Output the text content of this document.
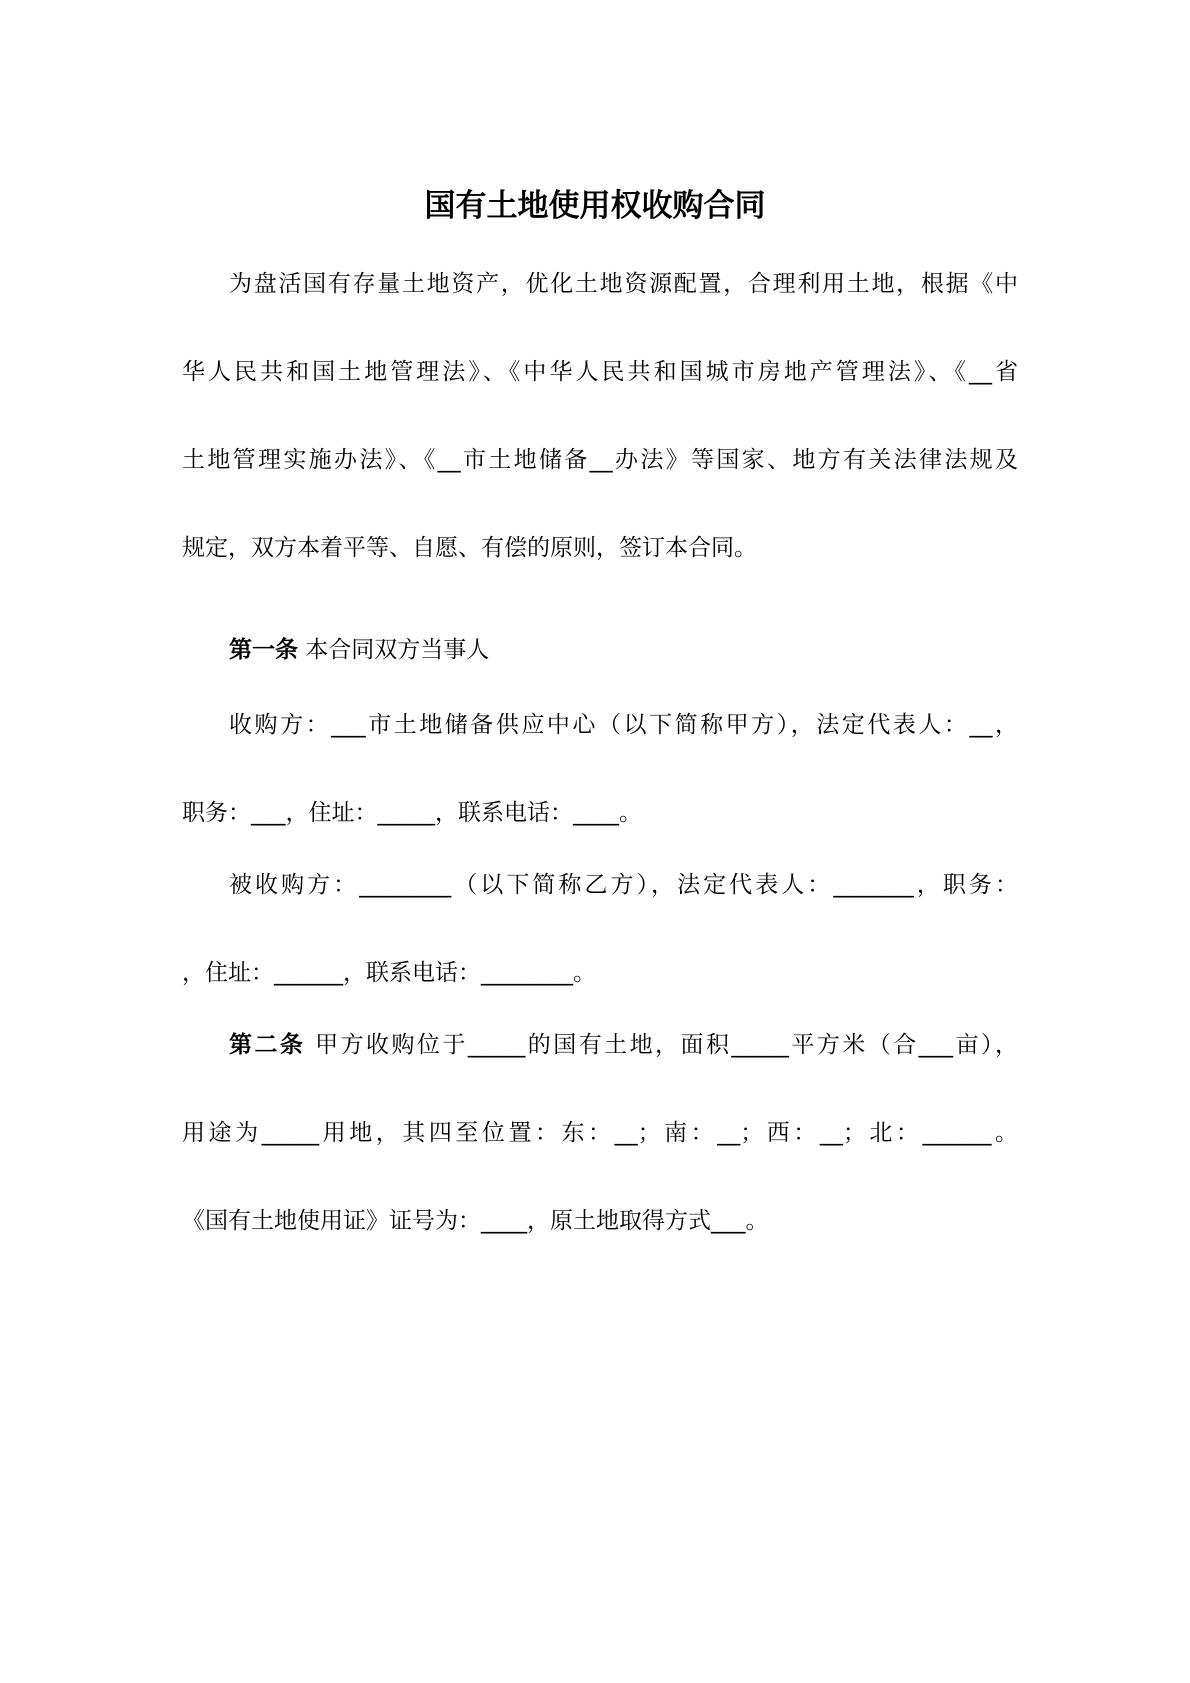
国有土地使用权收购合同
为盘活国有存量土地资产，优化土地资源配置，合理利用土地，根据《中
华人民共和国土地管理法》、《中华人民共和国城市房地产管理法》、《__省
土地管理实施办法》、《__市土地储备__办法》等国家、地方有关法律法规及
规定，双方本着平等、自愿、有偿的原则，签订本合同。
第一条 本合同双方当事人
收购方：___市土地储备供应中心（以下简称甲方），法定代表人：__，
职务：___，住址：_____，联系电话：____。
被收购方：________（以下简称乙方），法定代表人：_______，职务：
，住址：______，联系电话：________。
第二条 甲方收购位于_____的国有土地，面积_____平方米（合___亩），
用途为_____用地，其四至位置：东：__；南：__；西：__；北：______。
《国有土地使用证》证号为：____，原土地取得方式___。
